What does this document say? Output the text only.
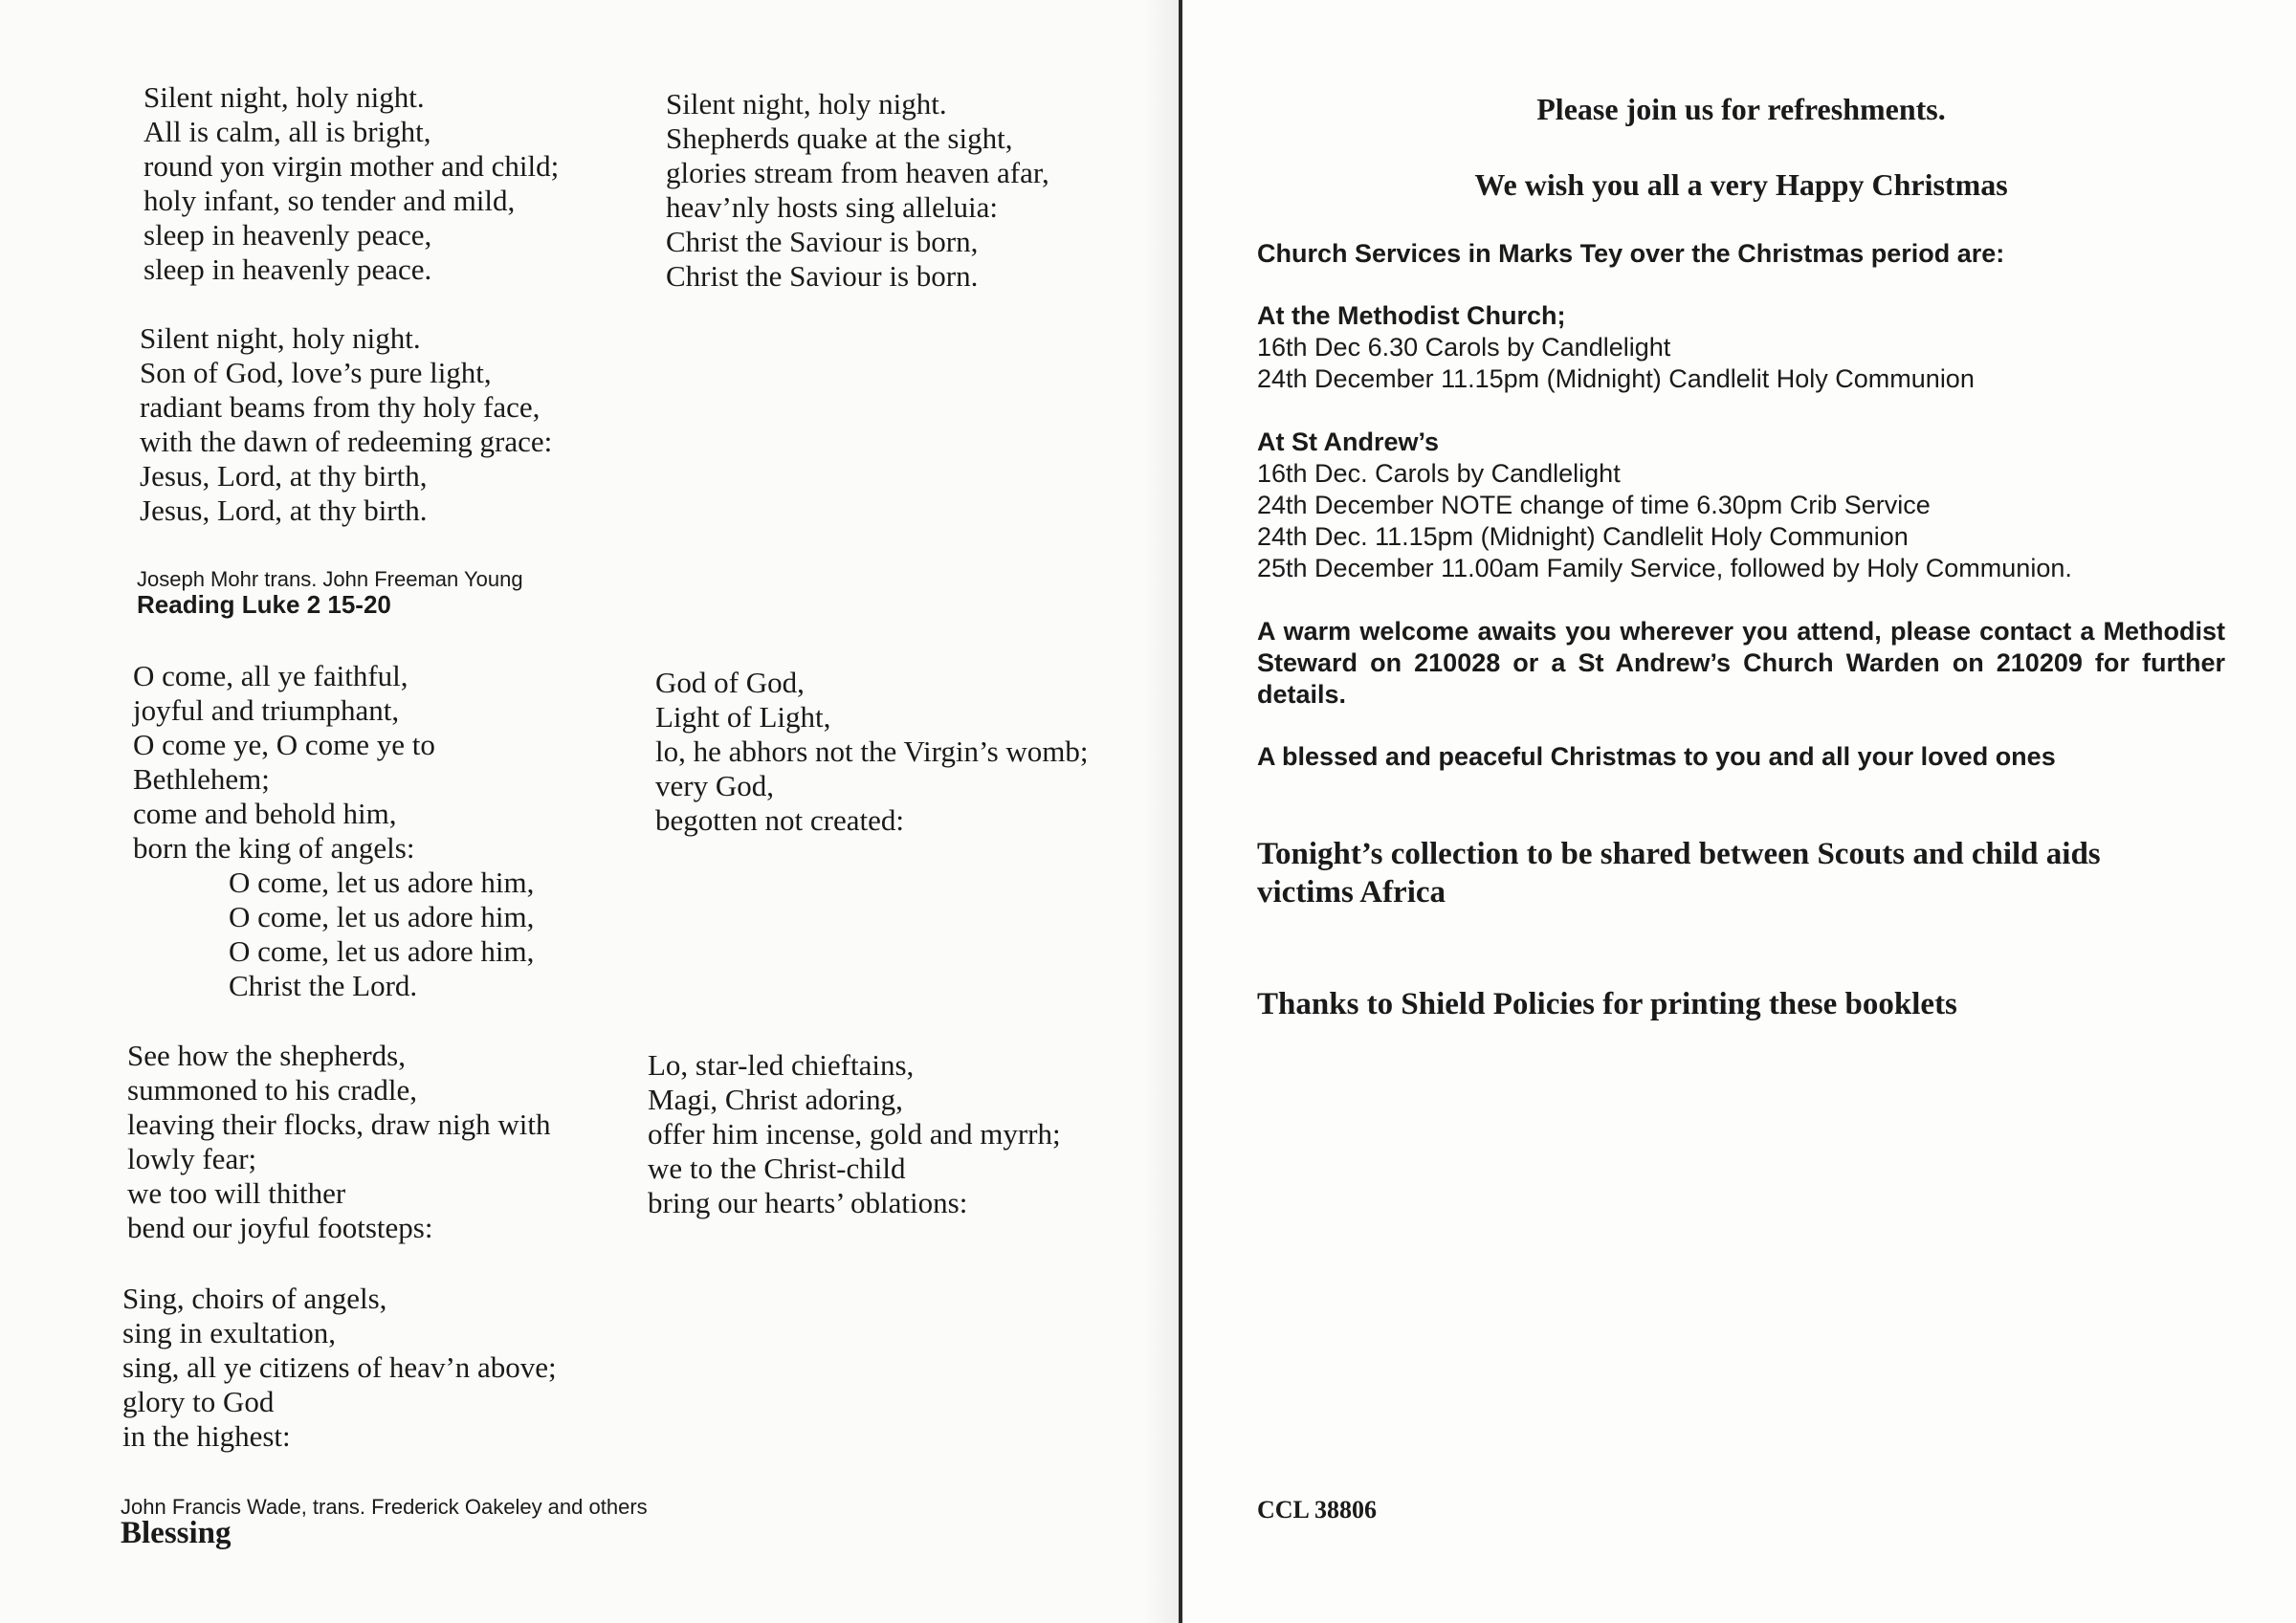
Silent night, holy night.
All is calm, all is bright,
round yon virgin mother and child;
holy infant, so tender and mild,
sleep in heavenly peace,
sleep in heavenly peace.
Silent night, holy night.
Son of God, love’s pure light,
radiant beams from thy holy face,
with the dawn of redeeming grace:
Jesus, Lord, at thy birth,
Jesus, Lord, at thy birth.
Joseph Mohr trans. John Freeman Young
Reading Luke 2 15-20
O come, all ye faithful,
joyful and triumphant,
O come ye, O come ye to
Bethlehem;
come and behold him,
born the king of angels:
O come, let us adore him,
O come, let us adore him,
O come, let us adore him,
Christ the Lord.
See how the shepherds,
summoned to his cradle,
leaving their flocks, draw nigh with
lowly fear;
we too will thither
bend our joyful footsteps:
Sing, choirs of angels,
sing in exultation,
sing, all ye citizens of heav’n above;
glory to God
in the highest:
John Francis Wade, trans. Frederick Oakeley and others
Blessing
Silent night, holy night.
Shepherds quake at the sight,
glories stream from heaven afar,
heav’nly hosts sing alleluia:
Christ the Saviour is born,
Christ the Saviour is born.
God of God,
Light of Light,
lo, he abhors not the Virgin’s womb;
very God,
begotten not created:
Lo, star-led chieftains,
Magi, Christ adoring,
offer him incense, gold and myrrh;
we to the Christ-child
bring our hearts’ oblations:
Please join us for refreshments.
We wish you all a very Happy Christmas
Church Services in Marks Tey over the Christmas period are:
At the Methodist Church;
16th Dec 6.30 Carols by Candlelight
24th December 11.15pm (Midnight) Candlelit Holy Communion
At St Andrew’s
16th Dec. Carols by Candlelight
24th December NOTE change of time 6.30pm Crib Service
24th Dec. 11.15pm (Midnight) Candlelit Holy Communion
25th December 11.00am Family Service, followed by Holy Communion.
A warm welcome awaits you wherever you attend, please contact a Methodist Steward on 210028 or a St Andrew’s Church Warden on 210209 for further details.
A blessed and peaceful Christmas to you and all your loved ones
Tonight’s collection to be shared between Scouts and child aids victims Africa
Thanks to Shield Policies for printing these booklets
CCL 38806
